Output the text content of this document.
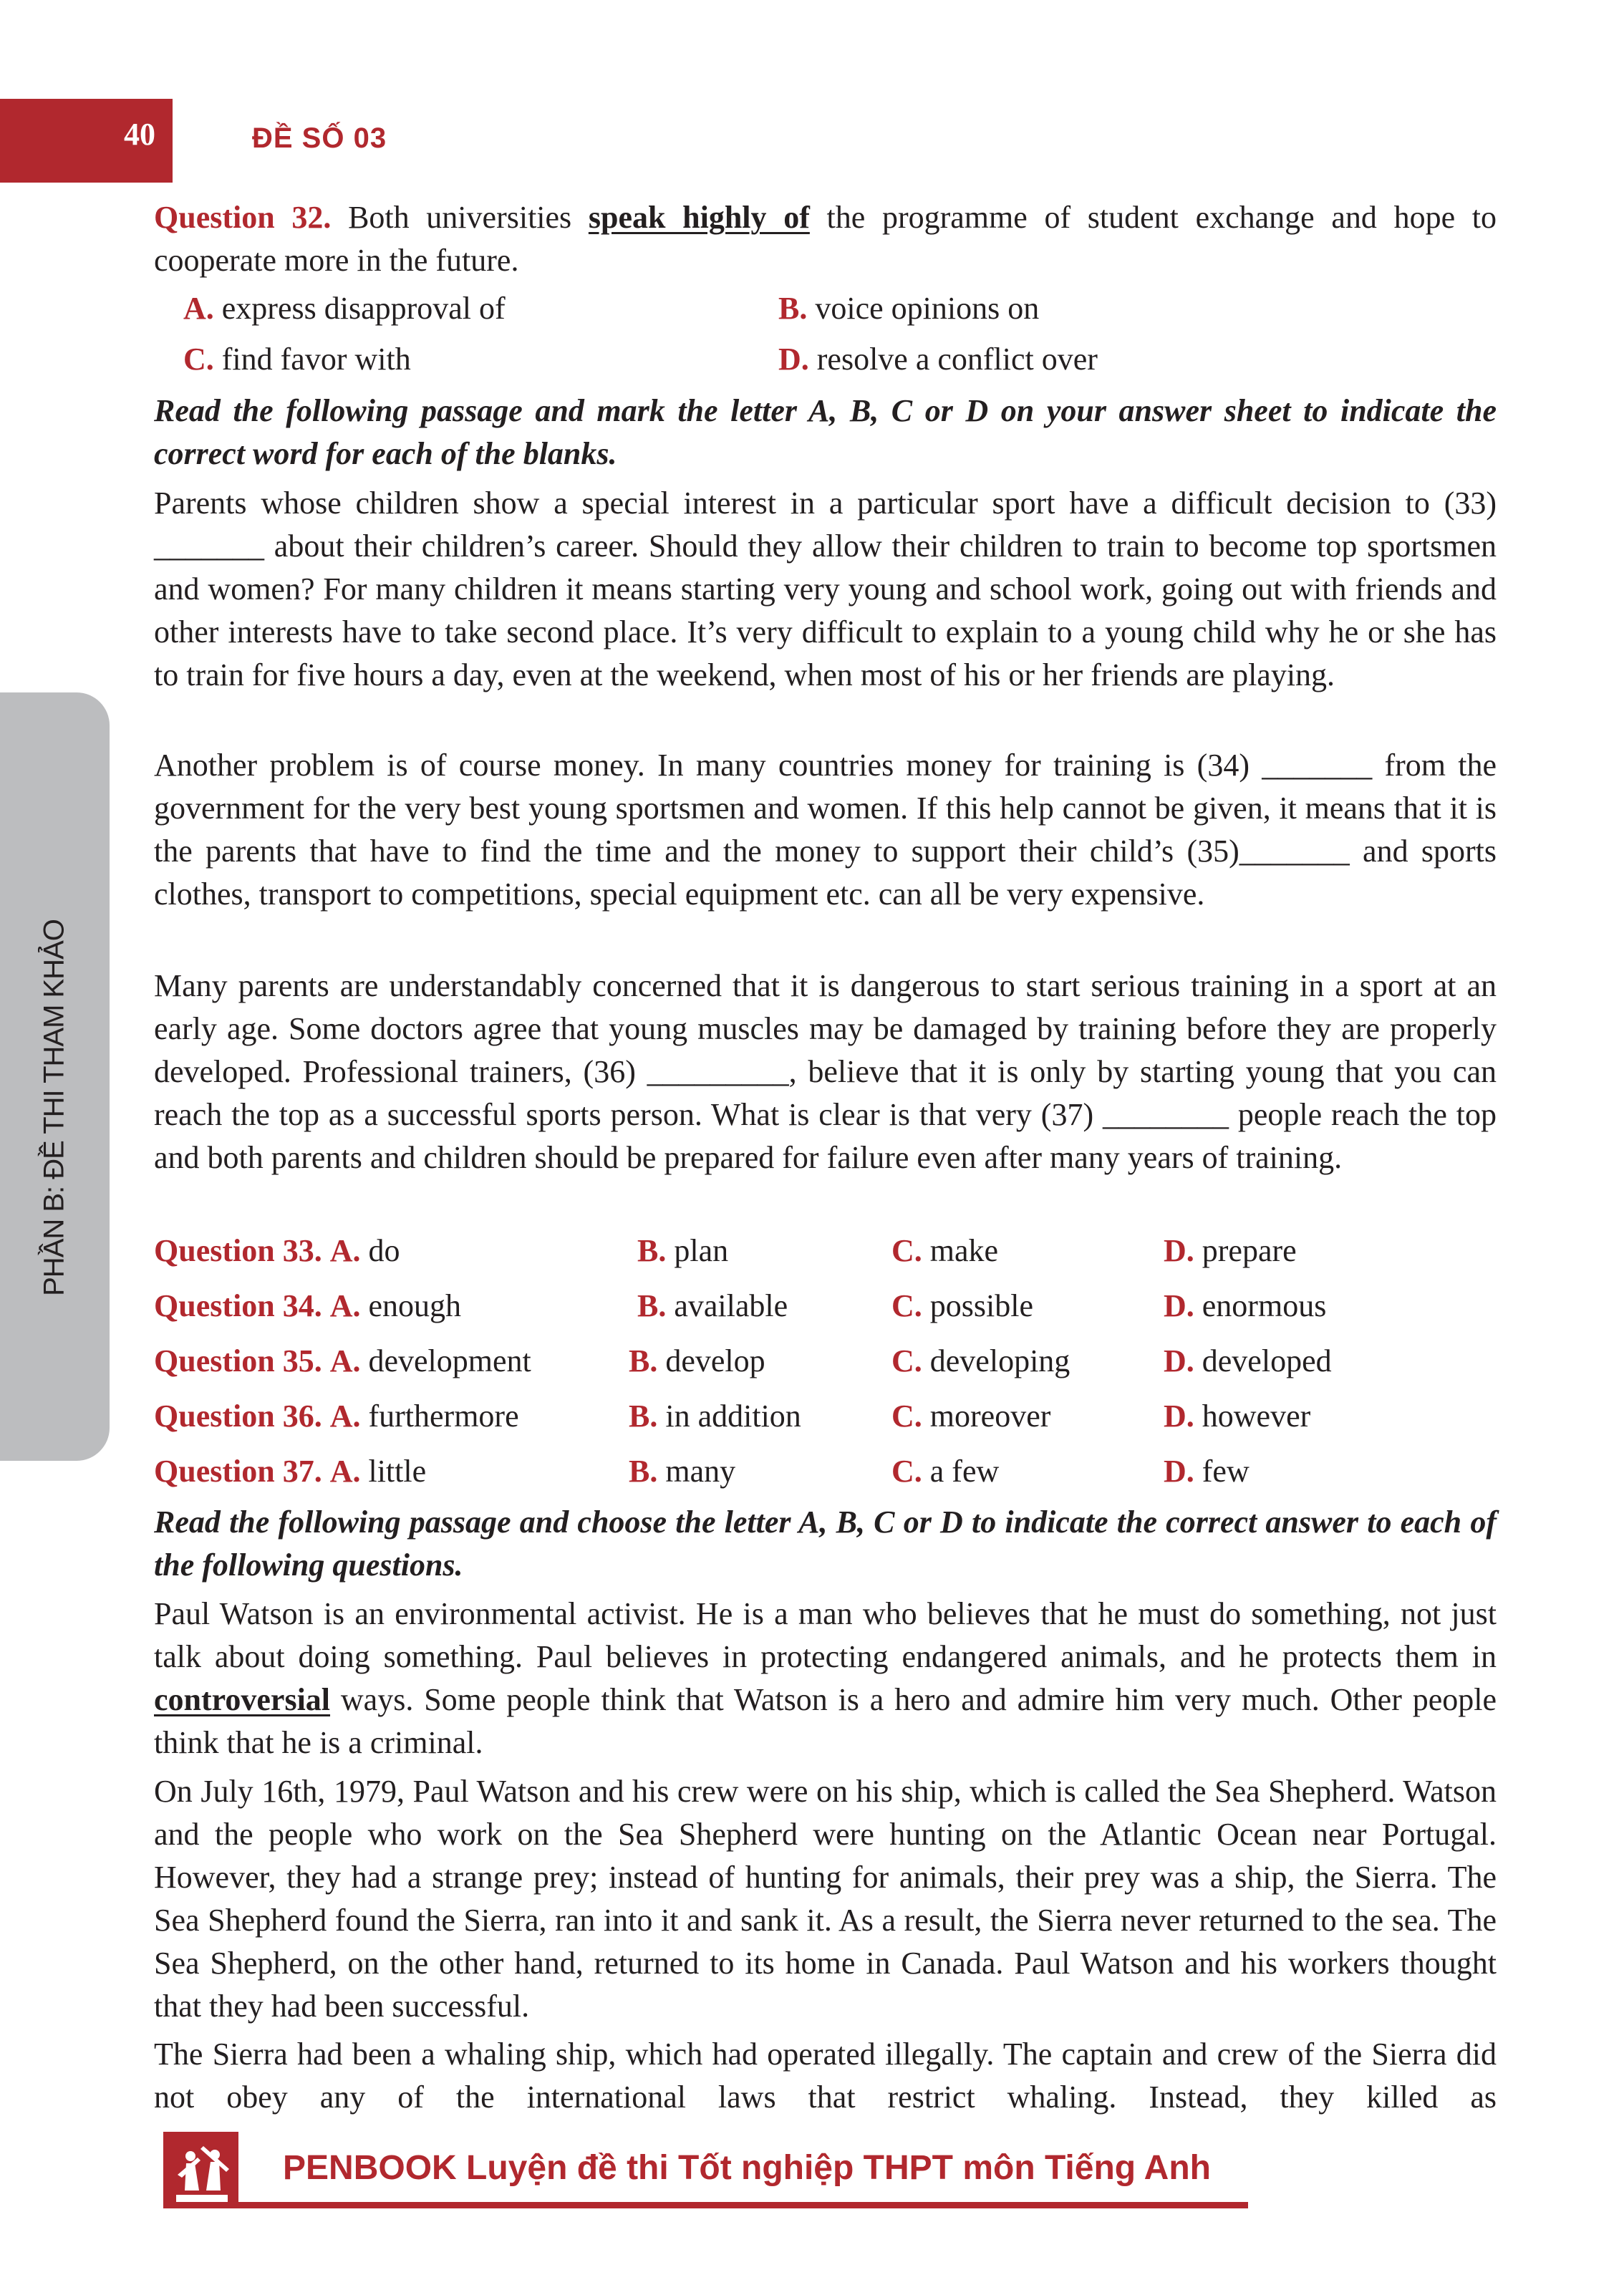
40	ĐỀ SỐ 03
PHẦN B: ĐỀ THI THAM KHẢO
Question 32. Both universities speak highly of the programme of student exchange and hope to cooperate more in the future.
A. express disapproval of	B. voice opinions on
C. find favor with	D. resolve a conflict over
Read the following passage and mark the letter A, B, C or D on your answer sheet to indicate the correct word for each of the blanks.
Parents whose children show a special interest in a particular sport have a difficult decision to (33) _______ about their children’s career. Should they allow their children to train to become top sportsmen and women? For many children it means starting very young and school work, going out with friends and other interests have to take second place. It’s very difficult to explain to a young child why he or she has to train for five hours a day, even at the weekend, when most of his or her friends are playing.
Another problem is of course money. In many countries money for training is (34) _______ from the government for the very best young sportsmen and women. If this help cannot be given, it means that it is the parents that have to find the time and the money to support their child’s (35)_______ and sports clothes, transport to competitions, special equipment etc. can all be very expensive.
Many parents are understandably concerned that it is dangerous to start serious training in a sport at an early age. Some doctors agree that young muscles may be damaged by training before they are properly developed. Professional trainers, (36) _________, believe that it is only by starting young that you can reach the top as a successful sports person. What is clear is that very (37) ________ people reach the top and both parents and children should be prepared for failure even after many years of training.
Question 33. A. do	B. plan	C. make	D. prepare
Question 34. A. enough	B. available	C. possible	D. enormous
Question 35. A. development	B. develop	C. developing	D. developed
Question 36. A. furthermore	B. in addition	C. moreover	D. however
Question 37. A. little	B. many	C. a few	D. few
Read the following passage and choose the letter A, B, C or D to indicate the correct answer to each of the following questions.
Paul Watson is an environmental activist. He is a man who believes that he must do something, not just talk about doing something. Paul believes in protecting endangered animals, and he protects them in controversial ways. Some people think that Watson is a hero and admire him very much. Other people think that he is a criminal.
On July 16th, 1979, Paul Watson and his crew were on his ship, which is called the Sea Shepherd. Watson and the people who work on the Sea Shepherd were hunting on the Atlantic Ocean near Portugal. However, they had a strange prey; instead of hunting for animals, their prey was a ship, the Sierra. The Sea Shepherd found the Sierra, ran into it and sank it. As a result, the Sierra never returned to the sea. The Sea Shepherd, on the other hand, returned to its home in Canada. Paul Watson and his workers thought that they had been successful.
The Sierra had been a whaling ship, which had operated illegally. The captain and crew of the Sierra did not obey any of the international laws that restrict whaling. Instead, they killed as
PENBOOK Luyện đề thi Tốt nghiệp THPT môn Tiếng Anh
